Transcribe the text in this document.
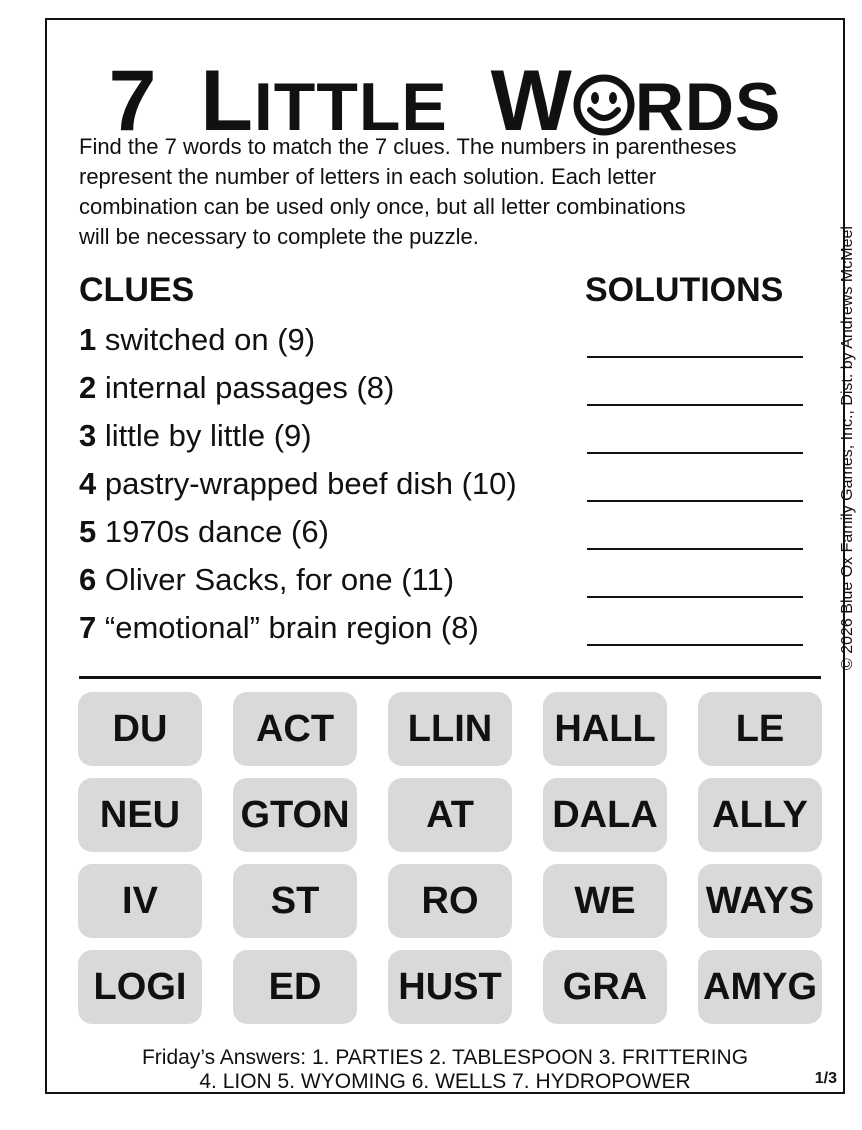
7 LITTLE W RDS
Find the 7 words to match the 7 clues. The numbers in parentheses
represent the number of letters in each solution. Each letter
combination can be used only once, but all letter combinations
will be necessary to complete the puzzle.
CLUES	SOLUTIONS
1 switched on (9)
2 internal passages (8)
3 little by little (9)
4 pastry-wrapped beef dish (10)
5 1970s dance (6)
6 Oliver Sacks, for one (11)
7 “emotional” brain region (8)
DU	ACT	LLIN	HALL	LE
NEU	GTON	AT	DALA	ALLY
IV	ST	RO	WE	WAYS
LOGI	ED	HUST	GRA	AMYG
© 2026 Blue Ox Family Games, Inc., Dist. by Andrews McMeel
Friday’s Answers: 1. PARTIES 2. TABLESPOON 3. FRITTERING
4. LION 5. WYOMING 6. WELLS 7. HYDROPOWER	1/3
